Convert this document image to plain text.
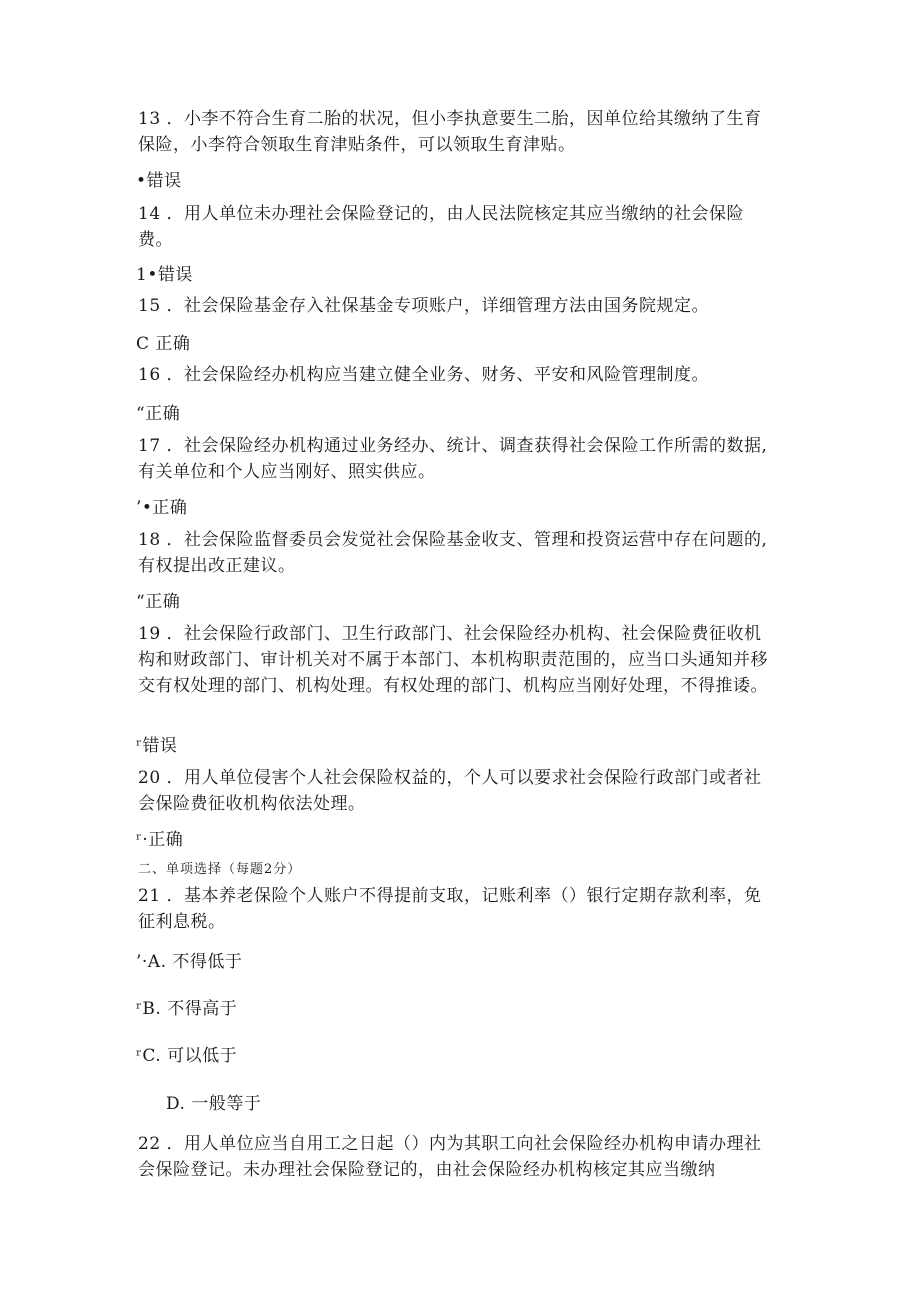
13 ．小李不符合生育二胎的状况，但小李执意要生二胎，因单位给其缴纳了生育保险，小李符合领取生育津贴条件，可以领取生育津贴。

•错误

14 ．用人单位未办理社会保险登记的，由人民法院核定其应当缴纳的社会保险费。

1•错误

15 ．社会保险基金存入社保基金专项账户，详细管理方法由国务院规定。

C 正确

16 ．社会保险经办机构应当建立健全业务、财务、平安和风险管理制度。

“正确

17 ．社会保险经办机构通过业务经办、统计、调查获得社会保险工作所需的数据,有关单位和个人应当刚好、照实供应。

’•正确

18 ．社会保险监督委员会发觉社会保险基金收支、管理和投资运营中存在问题的,有权提出改正建议。

“正确

19 ．社会保险行政部门、卫生行政部门、社会保险经办机构、社会保险费征收机构和财政部门、审计机关对不属于本部门、本机构职责范围的，应当口头通知并移交有权处理的部门、机构处理。有权处理的部门、机构应当刚好处理，不得推诿。

ʳ错误

20 ．用人单位侵害个人社会保险权益的，个人可以要求社会保险行政部门或者社会保险费征收机构依法处理。

ʳ·正确

二、单项选择（每题2分）

21 ．基本养老保险个人账户不得提前支取，记账利率（）银行定期存款利率，免征利息税。

’·A. 不得低于

ʳB. 不得高于

ʳC. 可以低于

D. 一般等于

22 ．用人单位应当自用工之日起（）内为其职工向社会保险经办机构申请办理社会保险登记。未办理社会保险登记的，由社会保险经办机构核定其应当缴纳
